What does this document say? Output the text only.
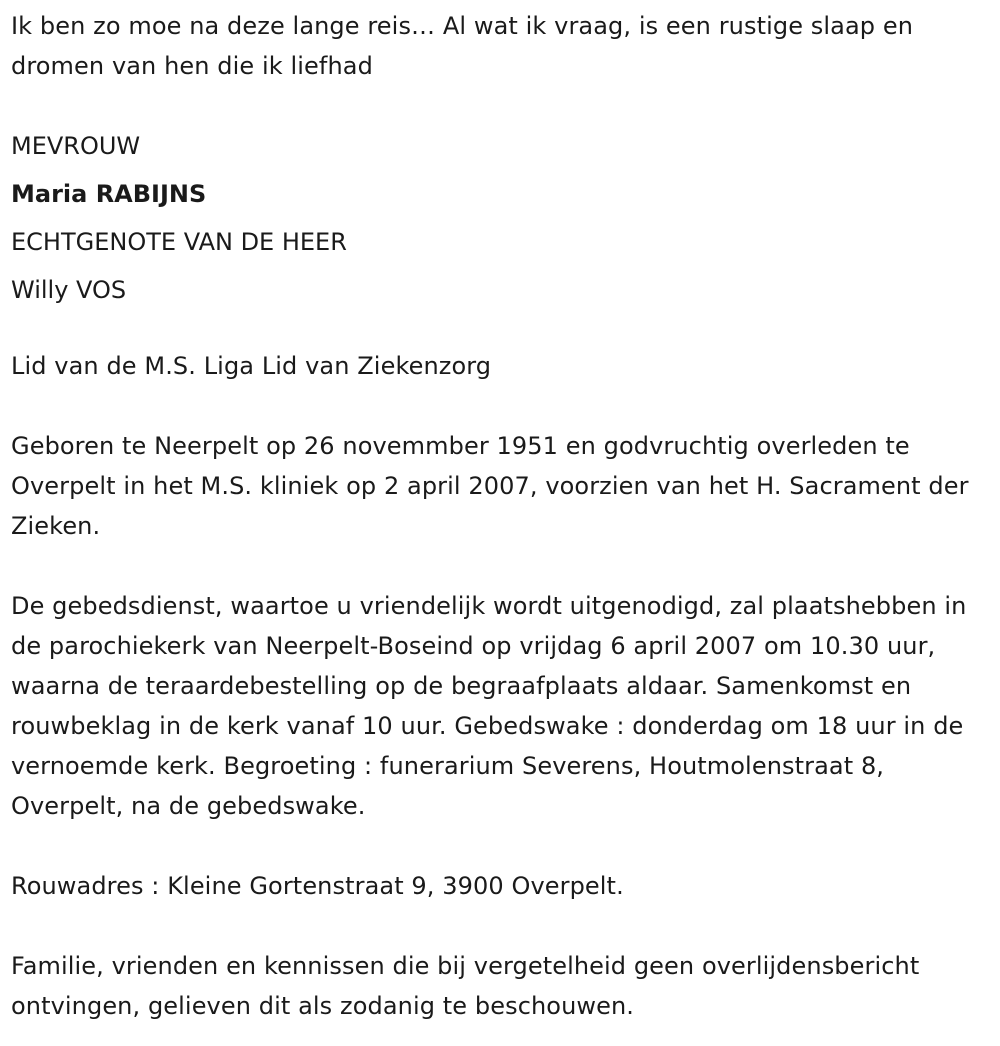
Ik ben zo moe na deze lange reis… Al wat ik vraag, is een rustige slaap en dromen van hen die ik liefhad

MEVROUW

Maria RABIJNS

ECHTGENOTE VAN DE HEER

Willy VOS

Lid van de M.S. Liga Lid van Ziekenzorg

Geboren te Neerpelt op 26 novemmber 1951 en godvruchtig overleden te Overpelt in het M.S. kliniek op 2 april 2007, voorzien van het H. Sacrament der Zieken.

De gebedsdienst, waartoe u vriendelijk wordt uitgenodigd, zal plaatshebben in de parochiekerk van Neerpelt-Boseind op vrijdag 6 april 2007 om 10.30 uur, waarna de teraardebestelling op de begraafplaats aldaar. Samenkomst en rouwbeklag in de kerk vanaf 10 uur. Gebedswake : donderdag om 18 uur in de vernoemde kerk. Begroeting : funerarium Severens, Houtmolenstraat 8, Overpelt, na de gebedswake.

Rouwadres : Kleine Gortenstraat 9, 3900 Overpelt.

Familie, vrienden en kennissen die bij vergetelheid geen overlijdensbericht ontvingen, gelieven dit als zodanig te beschouwen.
